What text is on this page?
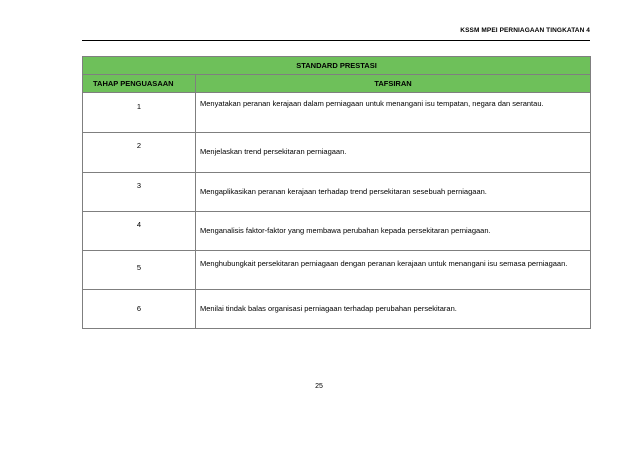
KSSM MPEI PERNIAGAAN TINGKATAN 4
STANDARD PRESTASI	
TAHAP PENGUASAAN	TAFSIRAN

1	Menyatakan peranan kerajaan dalam perniagaan untuk menangani isu tempatan, negara dan serantau.

2	Menjelaskan trend persekitaran perniagaan.

3	Mengaplikasikan peranan kerajaan terhadap trend persekitaran sesebuah perniagaan.

4	Menganalisis faktor-faktor yang membawa perubahan kepada persekitaran perniagaan.

5	Menghubungkait persekitaran perniagaan dengan peranan kerajaan untuk menangani isu semasa perniagaan.

6	Menilai tindak balas organisasi perniagaan terhadap perubahan persekitaran.
25
